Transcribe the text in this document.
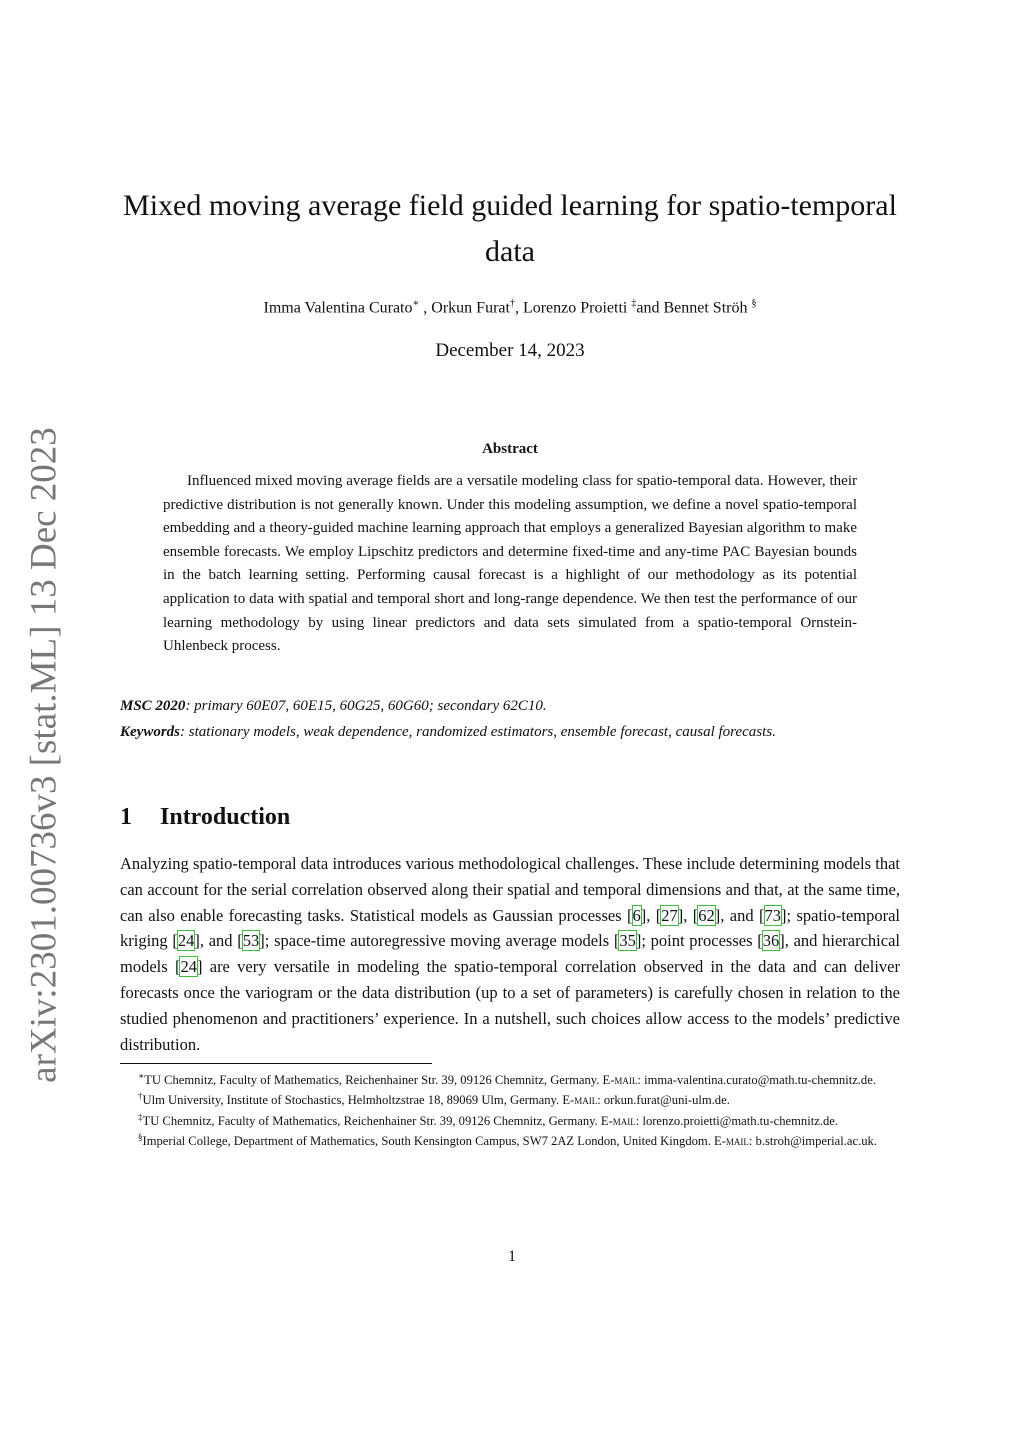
arXiv:2301.00736v3 [stat.ML] 13 Dec 2023
Mixed moving average field guided learning for spatio-temporal data
Imma Valentina Curato∗ , Orkun Furat†, Lorenzo Proietti ‡and Bennet Ströh §
December 14, 2023
Abstract

Influenced mixed moving average fields are a versatile modeling class for spatio-temporal data. However, their predictive distribution is not generally known. Under this modeling assumption, we define a novel spatio-temporal embedding and a theory-guided machine learning approach that employs a generalized Bayesian algorithm to make ensemble forecasts. We employ Lipschitz predictors and determine fixed-time and any-time PAC Bayesian bounds in the batch learning setting. Performing causal forecast is a highlight of our methodology as its potential application to data with spatial and temporal short and long-range dependence. We then test the performance of our learning methodology by using linear predictors and data sets simulated from a spatio-temporal Ornstein-Uhlenbeck process.

MSC 2020: primary 60E07, 60E15, 60G25, 60G60; secondary 62C10.

Keywords: stationary models, weak dependence, randomized estimators, ensemble forecast, causal forecasts.

1 Introduction

Analyzing spatio-temporal data introduces various methodological challenges. These include determining models that can account for the serial correlation observed along their spatial and temporal dimensions and that, at the same time, can also enable forecasting tasks. Statistical models as Gaussian processes [6], [27], [62], and [73]; spatio-temporal kriging [24], and [53]; space-time autoregressive moving average models [35]; point processes [36], and hierarchical models [24] are very versatile in modeling the spatio-temporal correlation observed in the data and can deliver forecasts once the variogram or the data distribution (up to a set of parameters) is carefully chosen in relation to the studied phenomenon and practitioners’ experience. In a nutshell, such choices allow access to the models’ predictive distribution.

∗TU Chemnitz, Faculty of Mathematics, Reichenhainer Str. 39, 09126 Chemnitz, Germany. E-mail: imma-valentina.curato@math.tu-chemnitz.de.

†Ulm University, Institute of Stochastics, Helmholtzstrae 18, 89069 Ulm, Germany. E-mail: orkun.furat@uni-ulm.de.

‡TU Chemnitz, Faculty of Mathematics, Reichenhainer Str. 39, 09126 Chemnitz, Germany. E-mail: lorenzo.proietti@math.tu-chemnitz.de.

§Imperial College, Department of Mathematics, South Kensington Campus, SW7 2AZ London, United Kingdom. E-mail: b.stroh@imperial.ac.uk.

1
